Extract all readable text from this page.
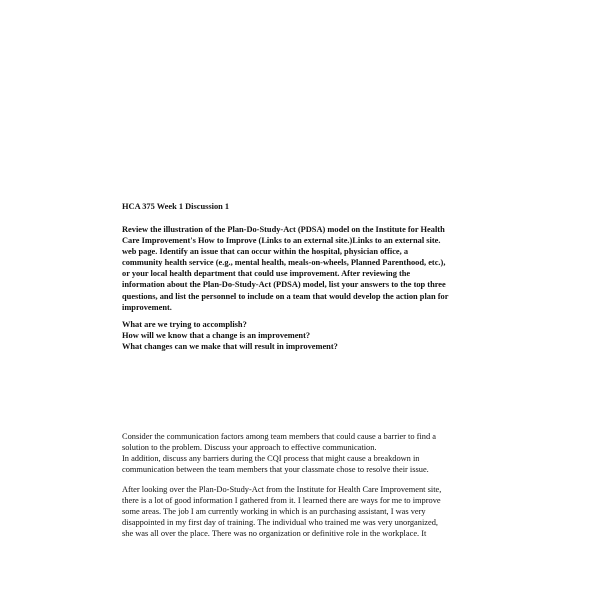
HCA 375 Week 1 Discussion 1
Review the illustration of the Plan-Do-Study-Act (PDSA) model on the Institute for Health
Care Improvement's How to Improve (Links to an external site.)Links to an external site.
web page. Identify an issue that can occur within the hospital, physician office, a
community health service (e.g., mental health, meals-on-wheels, Planned Parenthood, etc.),
or your local health department that could use improvement. After reviewing the
information about the Plan-Do-Study-Act (PDSA) model, list your answers to the top three
questions, and list the personnel to include on a team that would develop the action plan for
improvement.
What are we trying to accomplish?
How will we know that a change is an improvement?
What changes can we make that will result in improvement?
Consider the communication factors among team members that could cause a barrier to find a
solution to the problem. Discuss your approach to effective communication.
In addition, discuss any barriers during the CQI process that might cause a breakdown in
communication between the team members that your classmate chose to resolve their issue.
After looking over the Plan-Do-Study-Act from the Institute for Health Care Improvement site,
there is a lot of good information I gathered from it. I learned there are ways for me to improve
some areas. The job I am currently working in which is an purchasing assistant, I was very
disappointed in my first day of training. The individual who trained me was very unorganized,
she was all over the place. There was no organization or definitive role in the workplace. It
